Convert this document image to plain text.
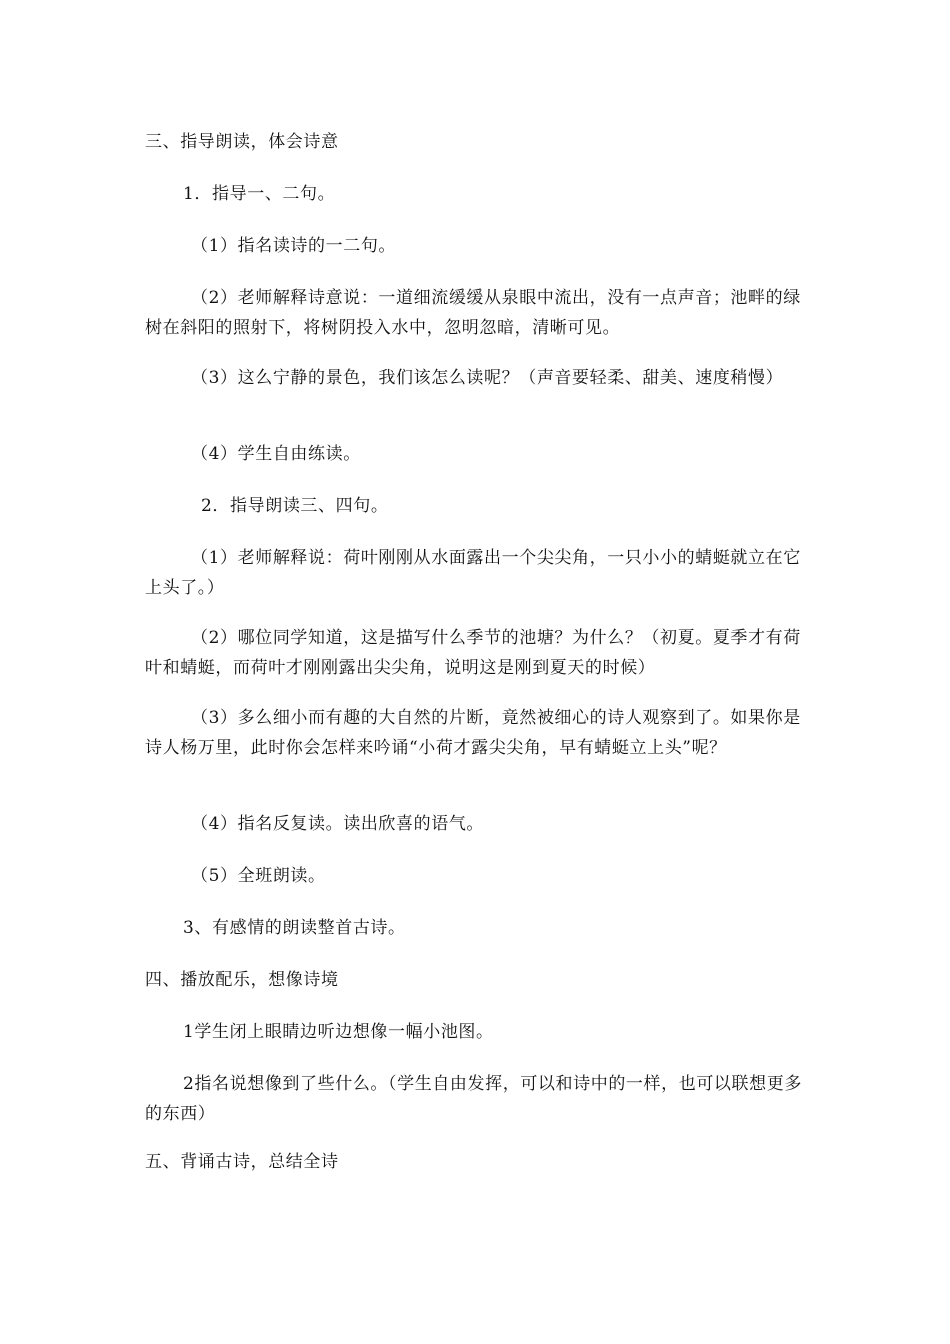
三、指导朗读，体会诗意
1．指导一、二句。
（1）指名读诗的一二句。
（2）老师解释诗意说：一道细流缓缓从泉眼中流出，没有一点声音；池畔的绿树在斜阳的照射下，将树阴投入水中，忽明忽暗，清晰可见。
（3）这么宁静的景色，我们该怎么读呢？（声音要轻柔、甜美、速度稍慢）
（4）学生自由练读。
2．指导朗读三、四句。
（1）老师解释说：荷叶刚刚从水面露出一个尖尖角，一只小小的蜻蜓就立在它上头了。）
（2）哪位同学知道，这是描写什么季节的池塘？为什么？（初夏。夏季才有荷叶和蜻蜓，而荷叶才刚刚露出尖尖角，说明这是刚到夏天的时候）
（3）多么细小而有趣的大自然的片断，竟然被细心的诗人观察到了。如果你是诗人杨万里，此时你会怎样来吟诵“小荷才露尖尖角，早有蜻蜓立上头”呢？
（4）指名反复读。读出欣喜的语气。
（5）全班朗读。
3、有感情的朗读整首古诗。
四、播放配乐，想像诗境
1学生闭上眼睛边听边想像一幅小池图。
2指名说想像到了些什么。（学生自由发挥，可以和诗中的一样，也可以联想更多的东西）
五、背诵古诗，总结全诗
